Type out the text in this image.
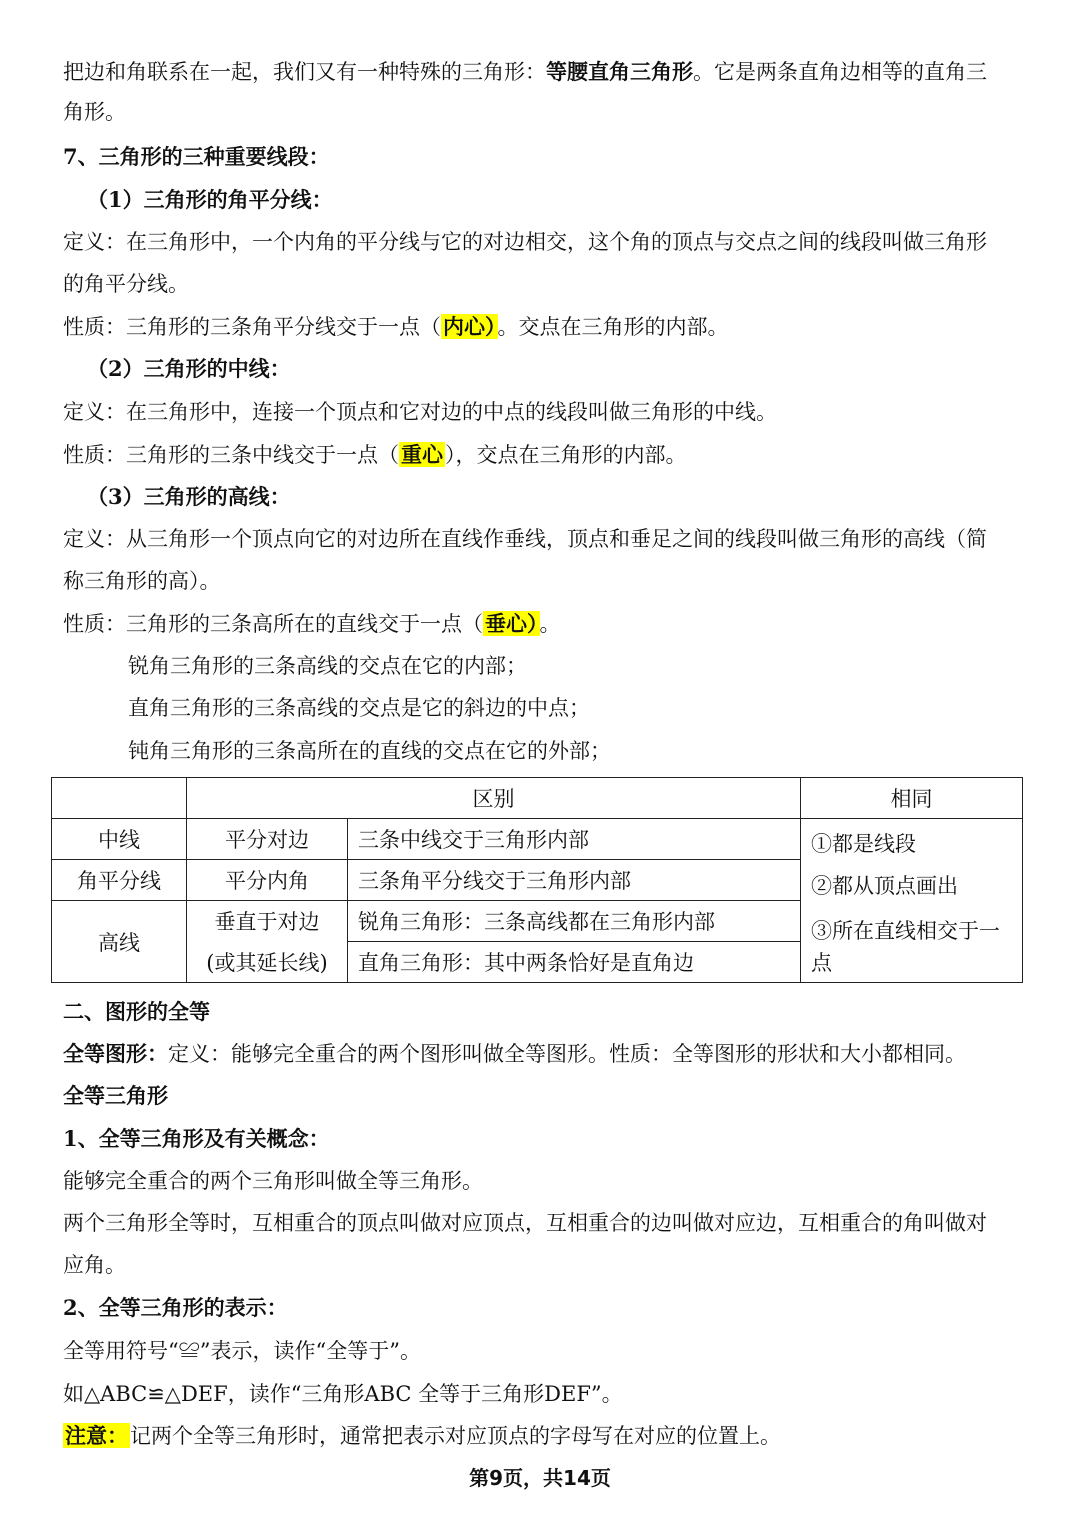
把边和角联系在一起，我们又有一种特殊的三角形：等腰直角三角形。它是两条直角边相等的直角三
角形。
7、三角形的三种重要线段：
（1）三角形的角平分线：
定义：在三角形中，一个内角的平分线与它的对边相交，这个角的顶点与交点之间的线段叫做三角形
的角平分线。
性质：三角形的三条角平分线交于一点（内心）。交点在三角形的内部。
（2）三角形的中线：
定义：在三角形中，连接一个顶点和它对边的中点的线段叫做三角形的中线。
性质：三角形的三条中线交于一点（重心），交点在三角形的内部。
（3）三角形的高线：
定义：从三角形一个顶点向它的对边所在直线作垂线，顶点和垂足之间的线段叫做三角形的高线（简
称三角形的高）。
性质：三角形的三条高所在的直线交于一点（垂心）。
锐角三角形的三条高线的交点在它的内部；
直角三角形的三条高线的交点是它的斜边的中点；
钝角三角形的三条高所在的直线的交点在它的外部；
	区别		相同
中线	平分对边	三条中线交于三角形内部	①都是线段
②都从顶点画出
③所在直线相交于一
点

角平分线	平分内角	三条角平分线交于三角形内部	
高线	垂直于对边	锐角三角形：三条高线都在三角形内部	
	(或其延长线)	直角三角形：其中两条恰好是直角边	
二、图形的全等
全等图形：定义：能够完全重合的两个图形叫做全等图形。性质：全等图形的形状和大小都相同。
全等三角形
1、全等三角形及有关概念：
能够完全重合的两个三角形叫做全等三角形。
两个三角形全等时，互相重合的顶点叫做对应顶点，互相重合的边叫做对应边，互相重合的角叫做对
应角。
2、全等三角形的表示：
全等用符号“≌”表示，读作“全等于”。
如△ABC≌△DEF，读作“三角形ABC 全等于三角形DEF”。
注意：记两个全等三角形时，通常把表示对应顶点的字母写在对应的位置上。
第9页，共14页
